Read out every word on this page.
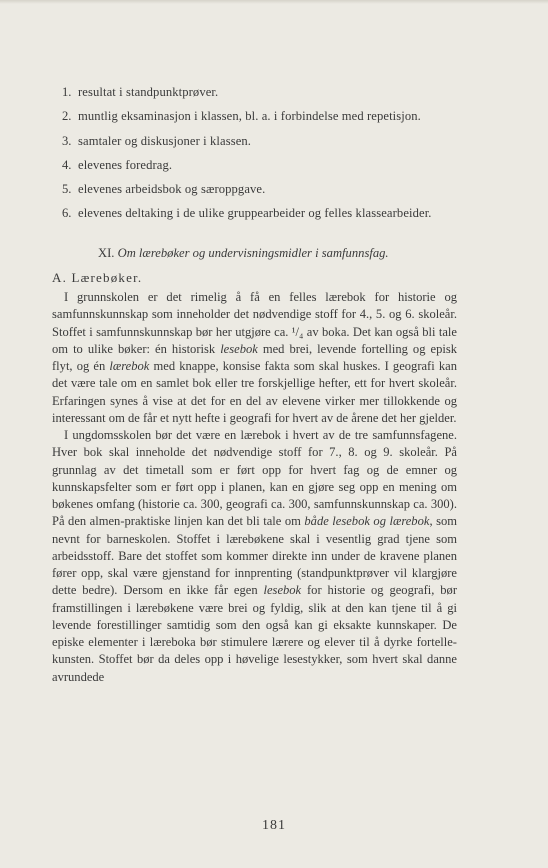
1. resultat i standpunktprøver.
2. muntlig eksaminasjon i klassen, bl. a. i forbindelse med repetisjon.
3. samtaler og diskusjoner i klassen.
4. elevenes foredrag.
5. elevenes arbeidsbok og særoppgave.
6. elevenes deltaking i de ulike gruppearbeider og felles klassearbeider.
XI. Om lærebøker og undervisningsmidler i samfunnsfag.
A. Lærebøker.

I grunnskolen er det rimelig å få en felles lærebok for historie og samfunnskunnskap som inneholder det nødvendige stoff for 4., 5. og 6. skoleår. Stoffet i samfunnskunnskap bør her utgjøre ca. ¹/₄ av boka. Det kan også bli tale om to ulike bøker: én historisk lesebok med brei, levende fortelling og episk flyt, og én lærebok med knappe, konsise fakta som skal huskes. I geografi kan det være tale om en samlet bok eller tre forskjellige hefter, ett for hvert skoleår. Erfaringen synes å vise at det for en del av elevene virker mer tillokkende og interessant om de får et nytt hefte i geografi for hvert av de årene det her gjelder.

I ungdomsskolen bør det være en lærebok i hvert av de tre samfunnsfagene. Hver bok skal inneholde det nødvendige stoff for 7., 8. og 9. skoleår. På grunnlag av det timetall som er ført opp for hvert fag og de emner og kunnskapsfelter som er ført opp i planen, kan en gjøre seg opp en mening om bøkenes omfang (historie ca. 300, geografi ca. 300, samfunnskunnskap ca. 300). På den almen-praktiske linjen kan det bli tale om både lesebok og lærebok, som nevnt for barneskolen. Stoffet i lærebøkene skal i vesentlig grad tjene som arbeidsstoff. Bare det stoffet som kommer direkte inn under de kravene planen fører opp, skal være gjenstand for innprenting (standpunktprøver vil klargjøre dette bedre). Dersom en ikke får egen lesebok for historie og geografi, bør framstillingen i lærebøkene være brei og fyldig, slik at den kan tjene til å gi levende forestillinger samtidig som den også kan gi eksakte kunnskaper. De episke elementer i læreboka bør stimulere lærere og elever til å dyrke fortelle-kunsten. Stoffet bør da deles opp i høvelige lesestykker, som hvert skal danne avrundede

181
